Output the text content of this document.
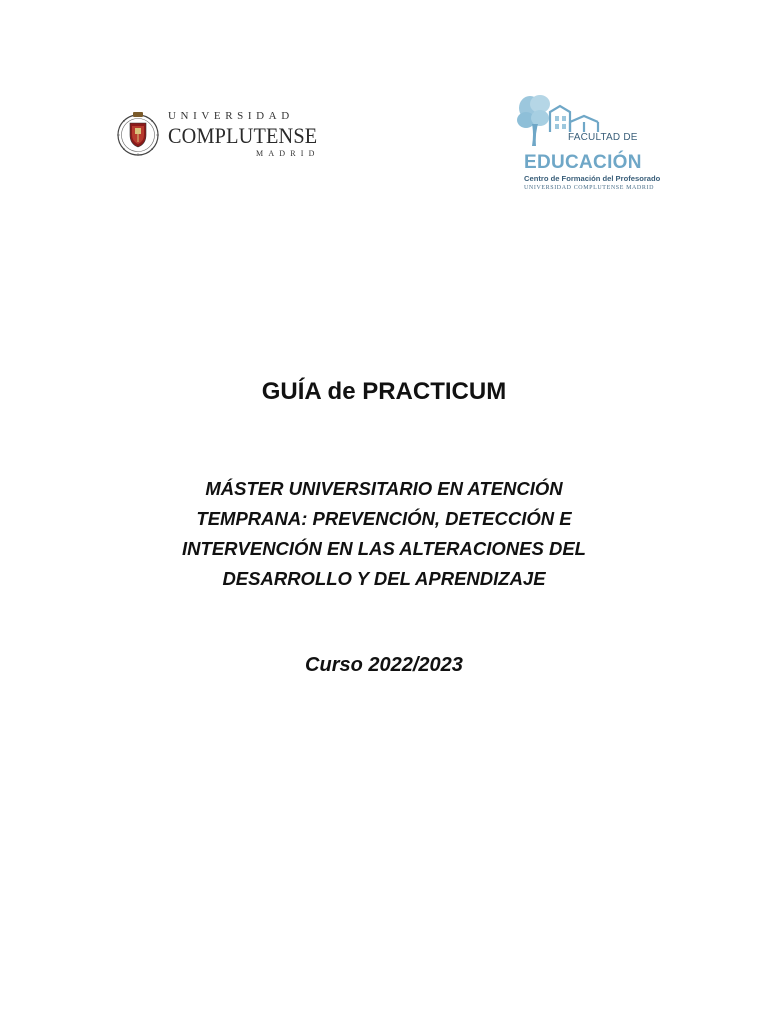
UNIVERSIDAD
COMPLUTENSE
MADRID
FACULTAD DE
EDUCACIÓN
Centro de Formación del Profesorado
UNIVERSIDAD COMPLUTENSE MADRID
GUÍA de PRACTICUM
MÁSTER UNIVERSITARIO EN ATENCIÓN
TEMPRANA: PREVENCIÓN, DETECCIÓN E
INTERVENCIÓN EN LAS ALTERACIONES DEL
DESARROLLO Y DEL APRENDIZAJE
Curso 2022/2023
